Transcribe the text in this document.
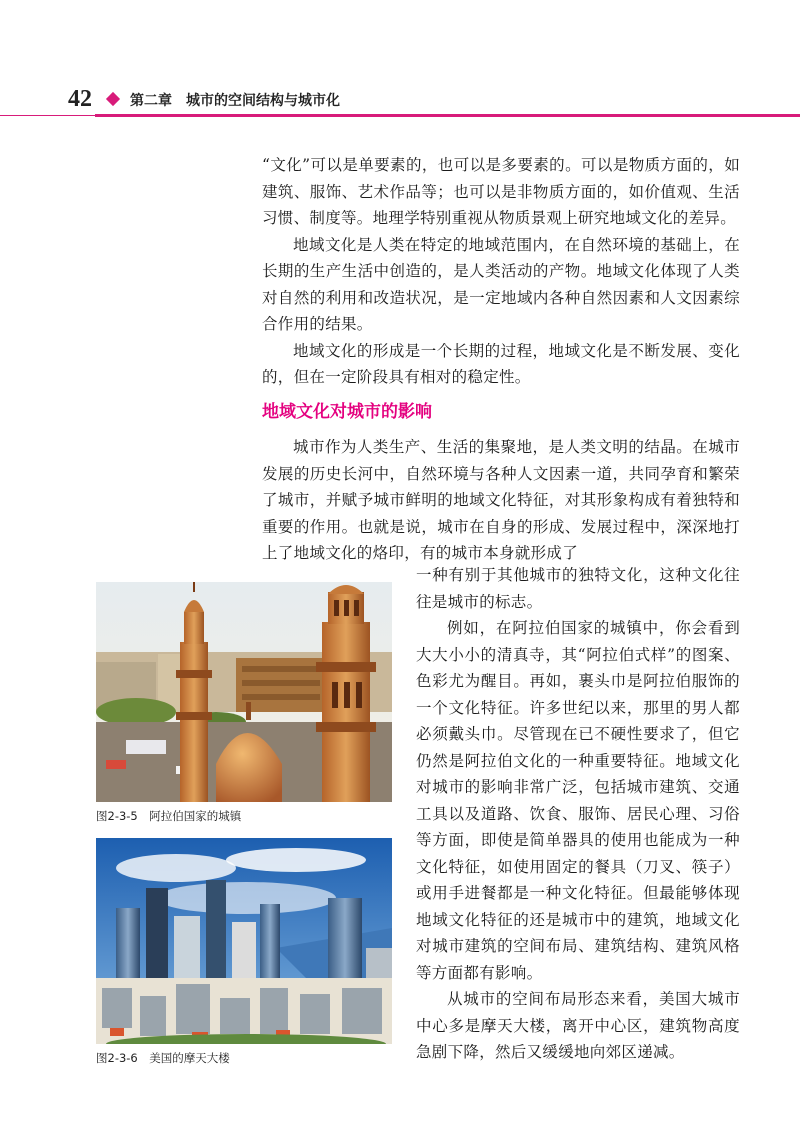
42	第二章　城市的空间结构与城市化

“文化”可以是单要素的，也可以是多要素的。可以是物质方面的，如建筑、服饰、艺术作品等；也可以是非物质方面的，如价值观、生活习惯、制度等。地理学特别重视从物质景观上研究地域文化的差异。

地域文化是人类在特定的地域范围内，在自然环境的基础上，在长期的生产生活中创造的，是人类活动的产物。地域文化体现了人类对自然的利用和改造状况，是一定地域内各种自然因素和人文因素综合作用的结果。

地域文化的形成是一个长期的过程，地域文化是不断发展、变化的，但在一定阶段具有相对的稳定性。

地域文化对城市的影响

城市作为人类生产、生活的集聚地，是人类文明的结晶。在城市发展的历史长河中，自然环境与各种人文因素一道，共同孕育和繁荣了城市，并赋予城市鲜明的地域文化特征，对其形象构成有着独特和重要的作用。也就是说，城市在自身的形成、发展过程中，深深地打上了地域文化的烙印，有的城市本身就形成了

一种有别于其他城市的独特文化，这种文化往往是城市的标志。

例如，在阿拉伯国家的城镇中，你会看到大大小小的清真寺，其“阿拉伯式样”的图案、色彩尤为醒目。再如，裹头巾是阿拉伯服饰的一个文化特征。许多世纪以来，那里的男人都必须戴头巾。尽管现在已不硬性要求了，但它仍然是阿拉伯文化的一种重要特征。地域文化对城市的影响非常广泛，包括城市建筑、交通工具以及道路、饮食、服饰、居民心理、习俗等方面，即使是简单器具的使用也能成为一种文化特征，如使用固定的餐具（刀叉、筷子）或用手进餐都是一种文化特征。但最能够体现地域文化特征的还是城市中的建筑，地域文化对城市建筑的空间布局、建筑结构、建筑风格等方面都有影响。

从城市的空间布局形态来看，美国大城市中心多是摩天大楼，离开中心区，建筑物高度急剧下降，然后又缓缓地向郊区递减。

图2-3-5　阿拉伯国家的城镇
图2-3-6　美国的摩天大楼
